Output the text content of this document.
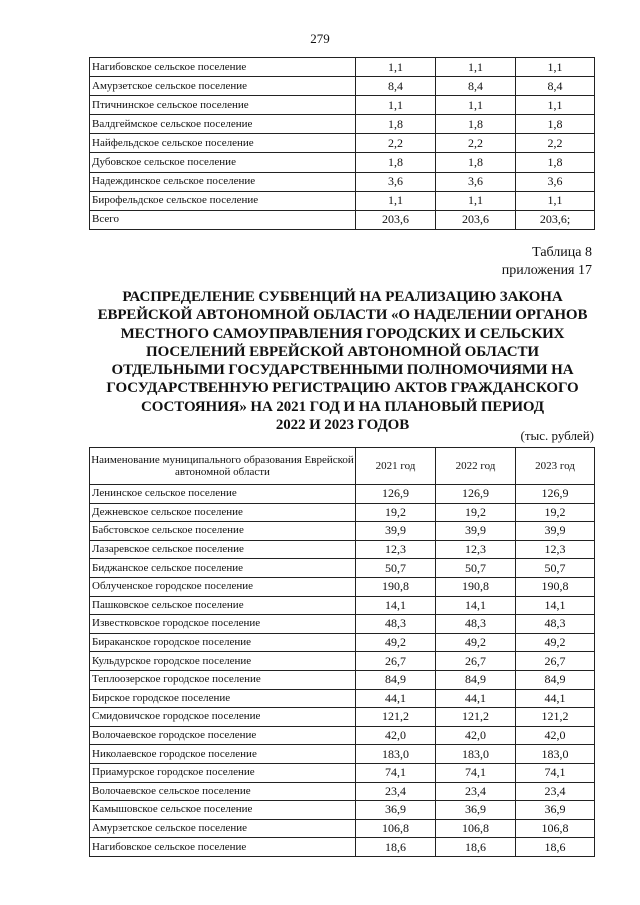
279
Нагибовское сельское поселение	1,1	1,1	1,1
Амурзетское сельское поселение	8,4	8,4	8,4
Птичнинское сельское поселение	1,1	1,1	1,1
Валдгеймское сельское поселение	1,8	1,8	1,8
Найфельдское сельское поселение	2,2	2,2	2,2
Дубовское сельское поселение	1,8	1,8	1,8
Надеждинское сельское поселение	3,6	3,6	3,6
Бирофельдское сельское поселение	1,1	1,1	1,1
Всего	203,6	203,6	203,6;
Таблица 8
приложения 17
РАСПРЕДЕЛЕНИЕ СУБВЕНЦИЙ НА РЕАЛИЗАЦИЮ ЗАКОНА
ЕВРЕЙСКОЙ АВТОНОМНОЙ ОБЛАСТИ «О НАДЕЛЕНИИ ОРГАНОВ
МЕСТНОГО САМОУПРАВЛЕНИЯ ГОРОДСКИХ И СЕЛЬСКИХ
ПОСЕЛЕНИЙ ЕВРЕЙСКОЙ АВТОНОМНОЙ ОБЛАСТИ
ОТДЕЛЬНЫМИ ГОСУДАРСТВЕННЫМИ ПОЛНОМОЧИЯМИ НА
ГОСУДАРСТВЕННУЮ РЕГИСТРАЦИЮ АКТОВ ГРАЖДАНСКОГО
СОСТОЯНИЯ» НА 2021 ГОД И НА ПЛАНОВЫЙ ПЕРИОД
2022 И 2023 ГОДОВ
(тыс. рублей)
Наименование муниципального образования Еврейской автономной области	2021 год	2022 год	2023 год
Ленинское сельское поселение	126,9	126,9	126,9
Дежневское сельское поселение	19,2	19,2	19,2
Бабстовское сельское поселение	39,9	39,9	39,9
Лазаревское сельское поселение	12,3	12,3	12,3
Биджанское сельское поселение	50,7	50,7	50,7
Облученское городское поселение	190,8	190,8	190,8
Пашковское сельское поселение	14,1	14,1	14,1
Известковское городское поселение	48,3	48,3	48,3
Бираканское городское поселение	49,2	49,2	49,2
Кульдурское городское поселение	26,7	26,7	26,7
Теплоозерское городское поселение	84,9	84,9	84,9
Бирское городское поселение	44,1	44,1	44,1
Смидовичское городское поселение	121,2	121,2	121,2
Волочаевское городское поселение	42,0	42,0	42,0
Николаевское городское поселение	183,0	183,0	183,0
Приамурское городское поселение	74,1	74,1	74,1
Волочаевское сельское поселение	23,4	23,4	23,4
Камышовское сельское поселение	36,9	36,9	36,9
Амурзетское сельское поселение	106,8	106,8	106,8
Нагибовское сельское поселение	18,6	18,6	18,6
